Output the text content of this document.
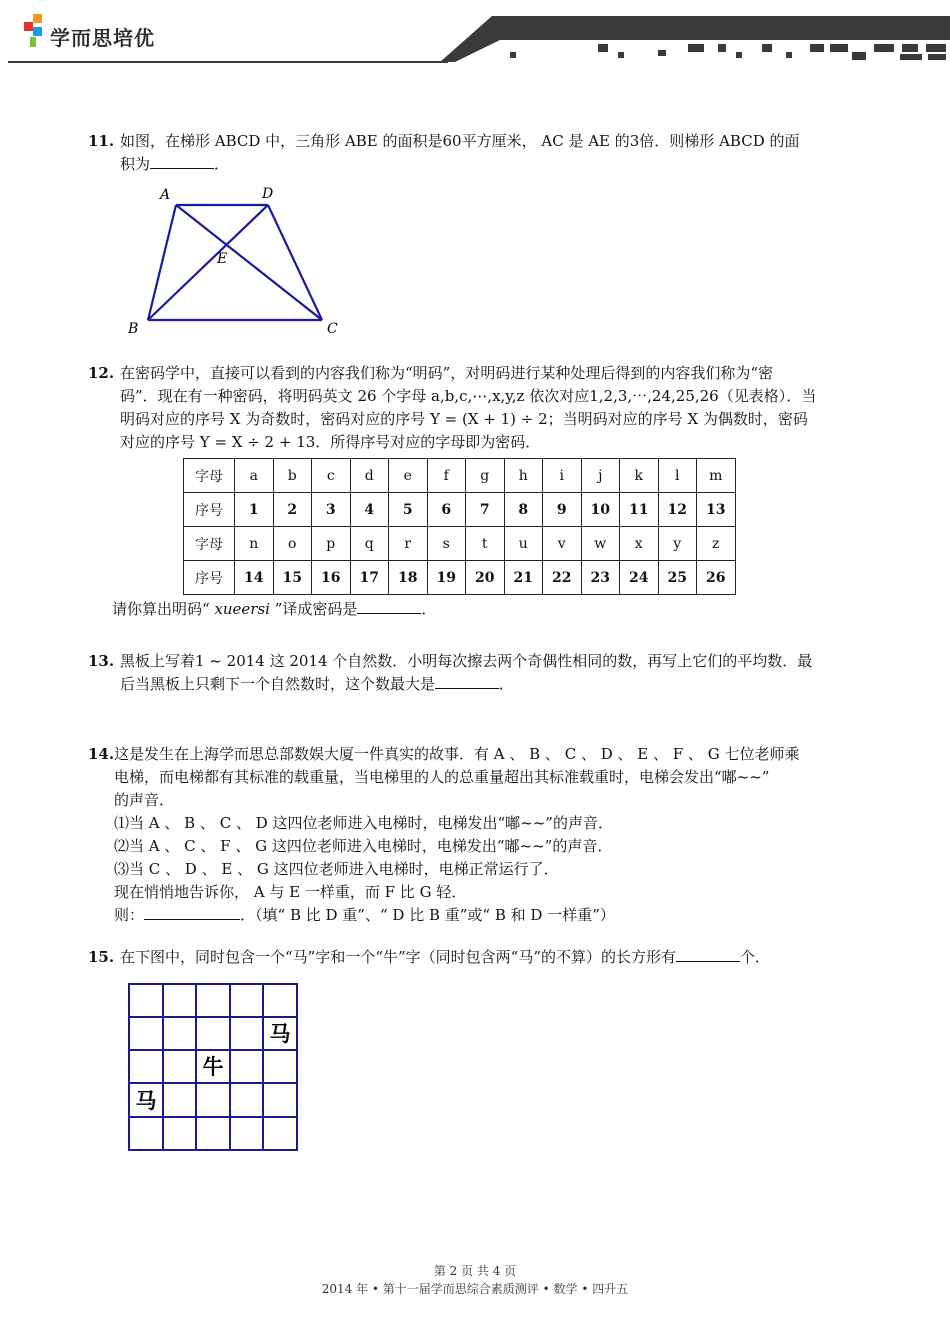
学而思培优
11. 如图，在梯形 ABCD 中，三角形 ABE 的面积是60平方厘米， AC 是 AE 的3倍．则梯形 ABCD 的面
积为	．
A	D
E
B	C
12. 在密码学中，直接可以看到的内容我们称为“明码”，对明码进行某种处理后得到的内容我们称为“密
码”．现在有一种密码，将明码英文 26 个字母 a,b,c,⋯,x,y,z 依次对应1,2,3,⋯,24,25,26（见表格）．当
明码对应的序号 X 为奇数时，密码对应的序号 Y = (X + 1) ÷ 2；当明码对应的序号 X 为偶数时，密码
对应的序号 Y = X ÷ 2 + 13．所得序号对应的字母即为密码．
字母	a	b	c	d	e	f	g	h	i	j	k	l	m
序号	1	2	3	4	5	6	7	8	9	10	11	12	13
字母	n	o	p	q	r	s	t	u	v	w	x	y	z
序号	14	15	16	17	18	19	20	21	22	23	24	25	26
请你算出明码“ xueersi ”译成密码是	．
13. 黑板上写着1 ~ 2014 这 2014 个自然数．小明每次擦去两个奇偶性相同的数，再写上它们的平均数．最
后当黑板上只剩下一个自然数时，这个数最大是	．
14. 这是发生在上海学而思总部数娱大厦一件真实的故事．有 A 、 B 、 C 、 D 、 E 、 F 、 G 七位老师乘
电梯，而电梯都有其标准的载重量，当电梯里的人的总重量超出其标准载重时，电梯会发出“嘟~~”
的声音．
⑴当 A 、 B 、 C 、 D 这四位老师进入电梯时，电梯发出“嘟~~”的声音．
⑵当 A 、 C 、 F 、 G 这四位老师进入电梯时，电梯发出“嘟~~”的声音．
⑶当 C 、 D 、 E 、 G 这四位老师进入电梯时，电梯正常运行了．
现在悄悄地告诉你， A 与 E 一样重，而 F 比 G 轻．
则：	．（填“ B 比 D 重”、“ D 比 B 重”或“ B 和 D 一样重”）
15. 在下图中，同时包含一个“马”字和一个“牛”字（同时包含两“马”的不算）的长方形有	个．
马
牛
马
第 2 页 共 4 页
2014 年 • 第十一届学而思综合素质测评 • 数学 • 四升五
